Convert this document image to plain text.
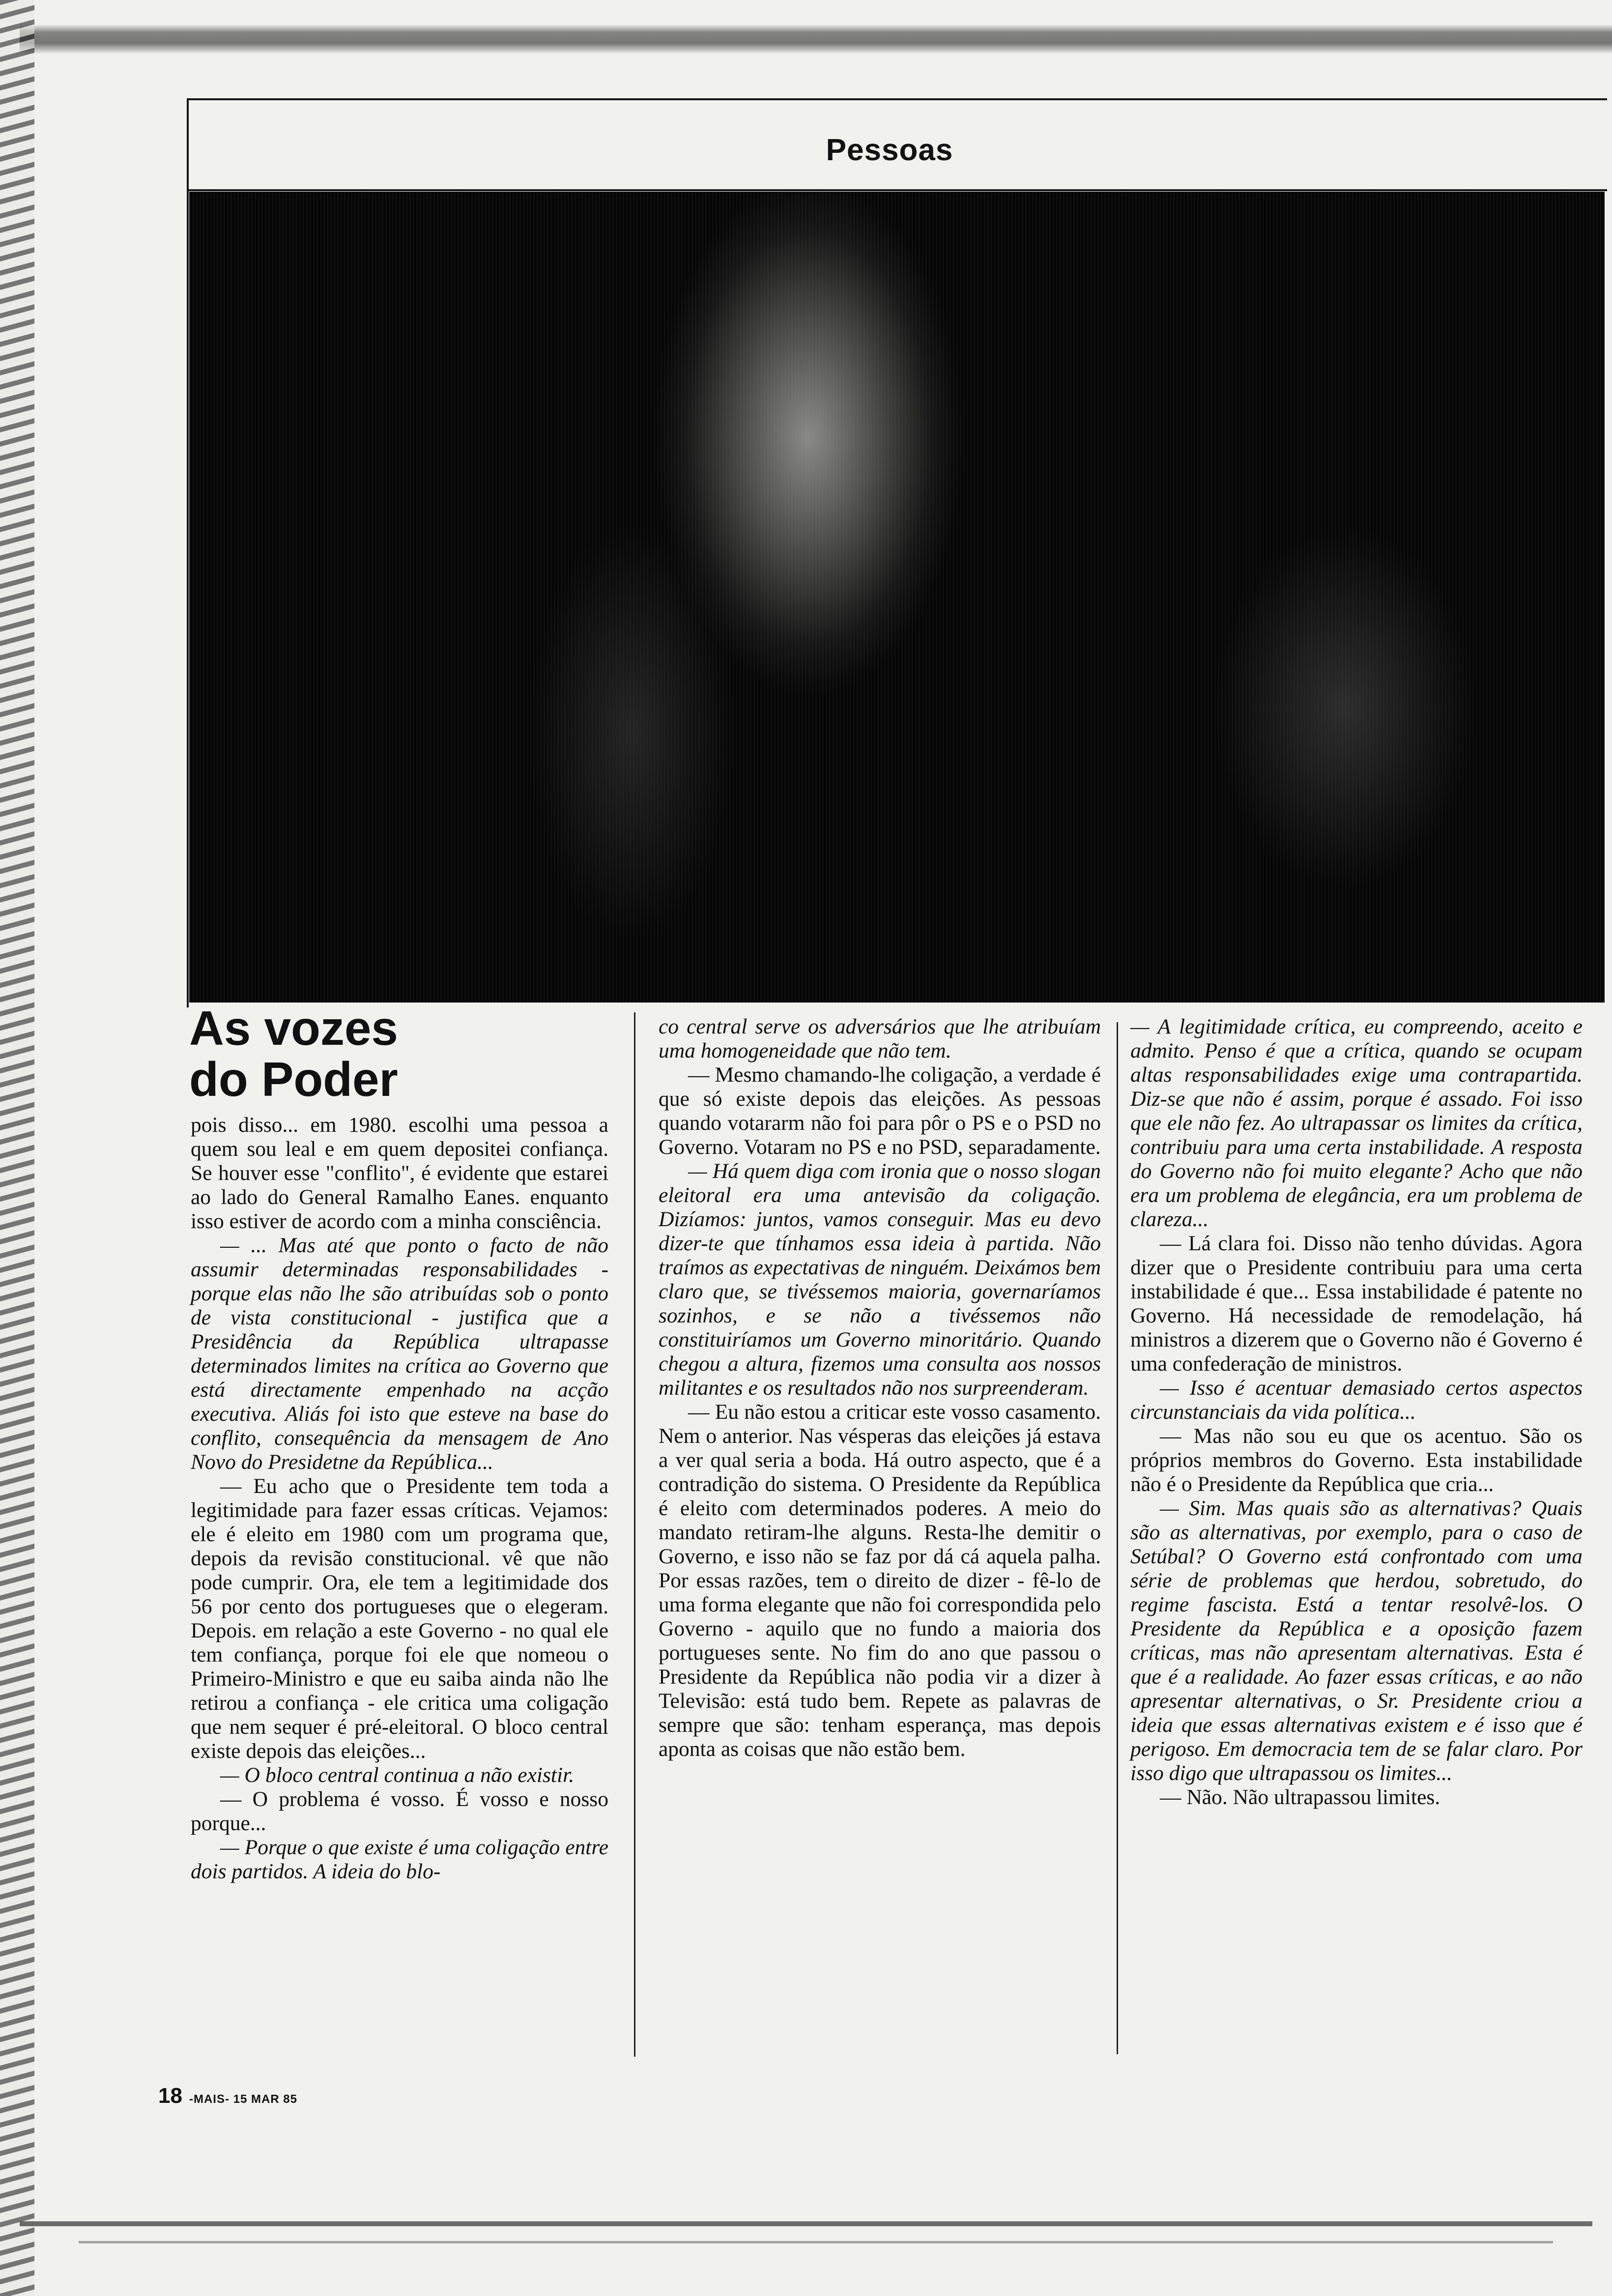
Pessoas
As vozes
do Poder

pois disso... em 1980. escolhi uma pessoa a quem sou leal e em quem depositei confiança. Se houver esse "conflito", é evidente que estarei ao lado do General Ramalho Eanes. enquanto isso estiver de acordo com a minha consciência.

— ... Mas até que ponto o facto de não assumir determinadas responsabilidades - porque elas não lhe são atribuídas sob o ponto de vista constitucional - justifica que a Presidência da República ultrapasse determinados limites na crítica ao Governo que está directamente empenhado na acção executiva. Aliás foi isto que esteve na base do conflito, consequência da mensagem de Ano Novo do Presidetne da República...

— Eu acho que o Presidente tem toda a legitimidade para fazer essas críticas. Vejamos: ele é eleito em 1980 com um programa que, depois da revisão constitucional. vê que não pode cumprir. Ora, ele tem a legitimidade dos 56 por cento dos portugueses que o elegeram. Depois. em relação a este Governo - no qual ele tem confiança, porque foi ele que nomeou o Primeiro-Ministro e que eu saiba ainda não lhe retirou a confiança - ele critica uma coligação que nem sequer é pré-eleitoral. O bloco central existe depois das eleições...

— O bloco central continua a não existir.

— O problema é vosso. É vosso e nosso porque...

— Porque o que existe é uma coligação entre dois partidos. A ideia do blo-

co central serve os adversários que lhe atribuíam uma homogeneidade que não tem.

— Mesmo chamando-lhe coligação, a verdade é que só existe depois das eleições. As pessoas quando votararm não foi para pôr o PS e o PSD no Governo. Votaram no PS e no PSD, separadamente.

— Há quem diga com ironia que o nosso slogan eleitoral era uma antevisão da coligação. Dizíamos: juntos, vamos conseguir. Mas eu devo dizer-te que tínhamos essa ideia à partida. Não traímos as expectativas de ninguém. Deixámos bem claro que, se tivéssemos maioria, governaríamos sozinhos, e se não a tivéssemos não constituiríamos um Governo minoritário. Quando chegou a altura, fizemos uma consulta aos nossos militantes e os resultados não nos surpreenderam.

— Eu não estou a criticar este vosso casamento. Nem o anterior. Nas vésperas das eleições já estava a ver qual seria a boda. Há outro aspecto, que é a contradição do sistema. O Presidente da República é eleito com determinados poderes. A meio do mandato retiram-lhe alguns. Resta-lhe demitir o Governo, e isso não se faz por dá cá aquela palha. Por essas razões, tem o direito de dizer - fê-lo de uma forma elegante que não foi correspondida pelo Governo - aquilo que no fundo a maioria dos portugueses sente. No fim do ano que passou o Presidente da República não podia vir a dizer à Televisão: está tudo bem. Repete as palavras de sempre que são: tenham esperança, mas depois aponta as coisas que não estão bem.

— A legitimidade crítica, eu compreendo, aceito e admito. Penso é que a crítica, quando se ocupam altas responsabilidades exige uma contrapartida. Diz-se que não é assim, porque é assado. Foi isso que ele não fez. Ao ultrapassar os limites da crítica, contribuiu para uma certa instabilidade. A resposta do Governo não foi muito elegante? Acho que não era um problema de elegância, era um problema de clareza...

— Lá clara foi. Disso não tenho dúvidas. Agora dizer que o Presidente contribuiu para uma certa instabilidade é que... Essa instabilidade é patente no Governo. Há necessidade de remodelação, há ministros a dizerem que o Governo não é Governo é uma confederação de ministros.

— Isso é acentuar demasiado certos aspectos circunstanciais da vida política...

— Mas não sou eu que os acentuo. São os próprios membros do Governo. Esta instabilidade não é o Presidente da República que cria...

— Sim. Mas quais são as alternativas? Quais são as alternativas, por exemplo, para o caso de Setúbal? O Governo está confrontado com uma série de problemas que herdou, sobretudo, do regime fascista. Está a tentar resolvê-los. O Presidente da República e a oposição fazem críticas, mas não apresentam alternativas. Esta é que é a realidade. Ao fazer essas críticas, e ao não apresentar alternativas, o Sr. Presidente criou a ideia que essas alternativas existem e é isso que é perigoso. Em democracia tem de se falar claro. Por isso digo que ultrapassou os limites...

— Não. Não ultrapassou limites.

18 -MAIS- 15 MAR 85
